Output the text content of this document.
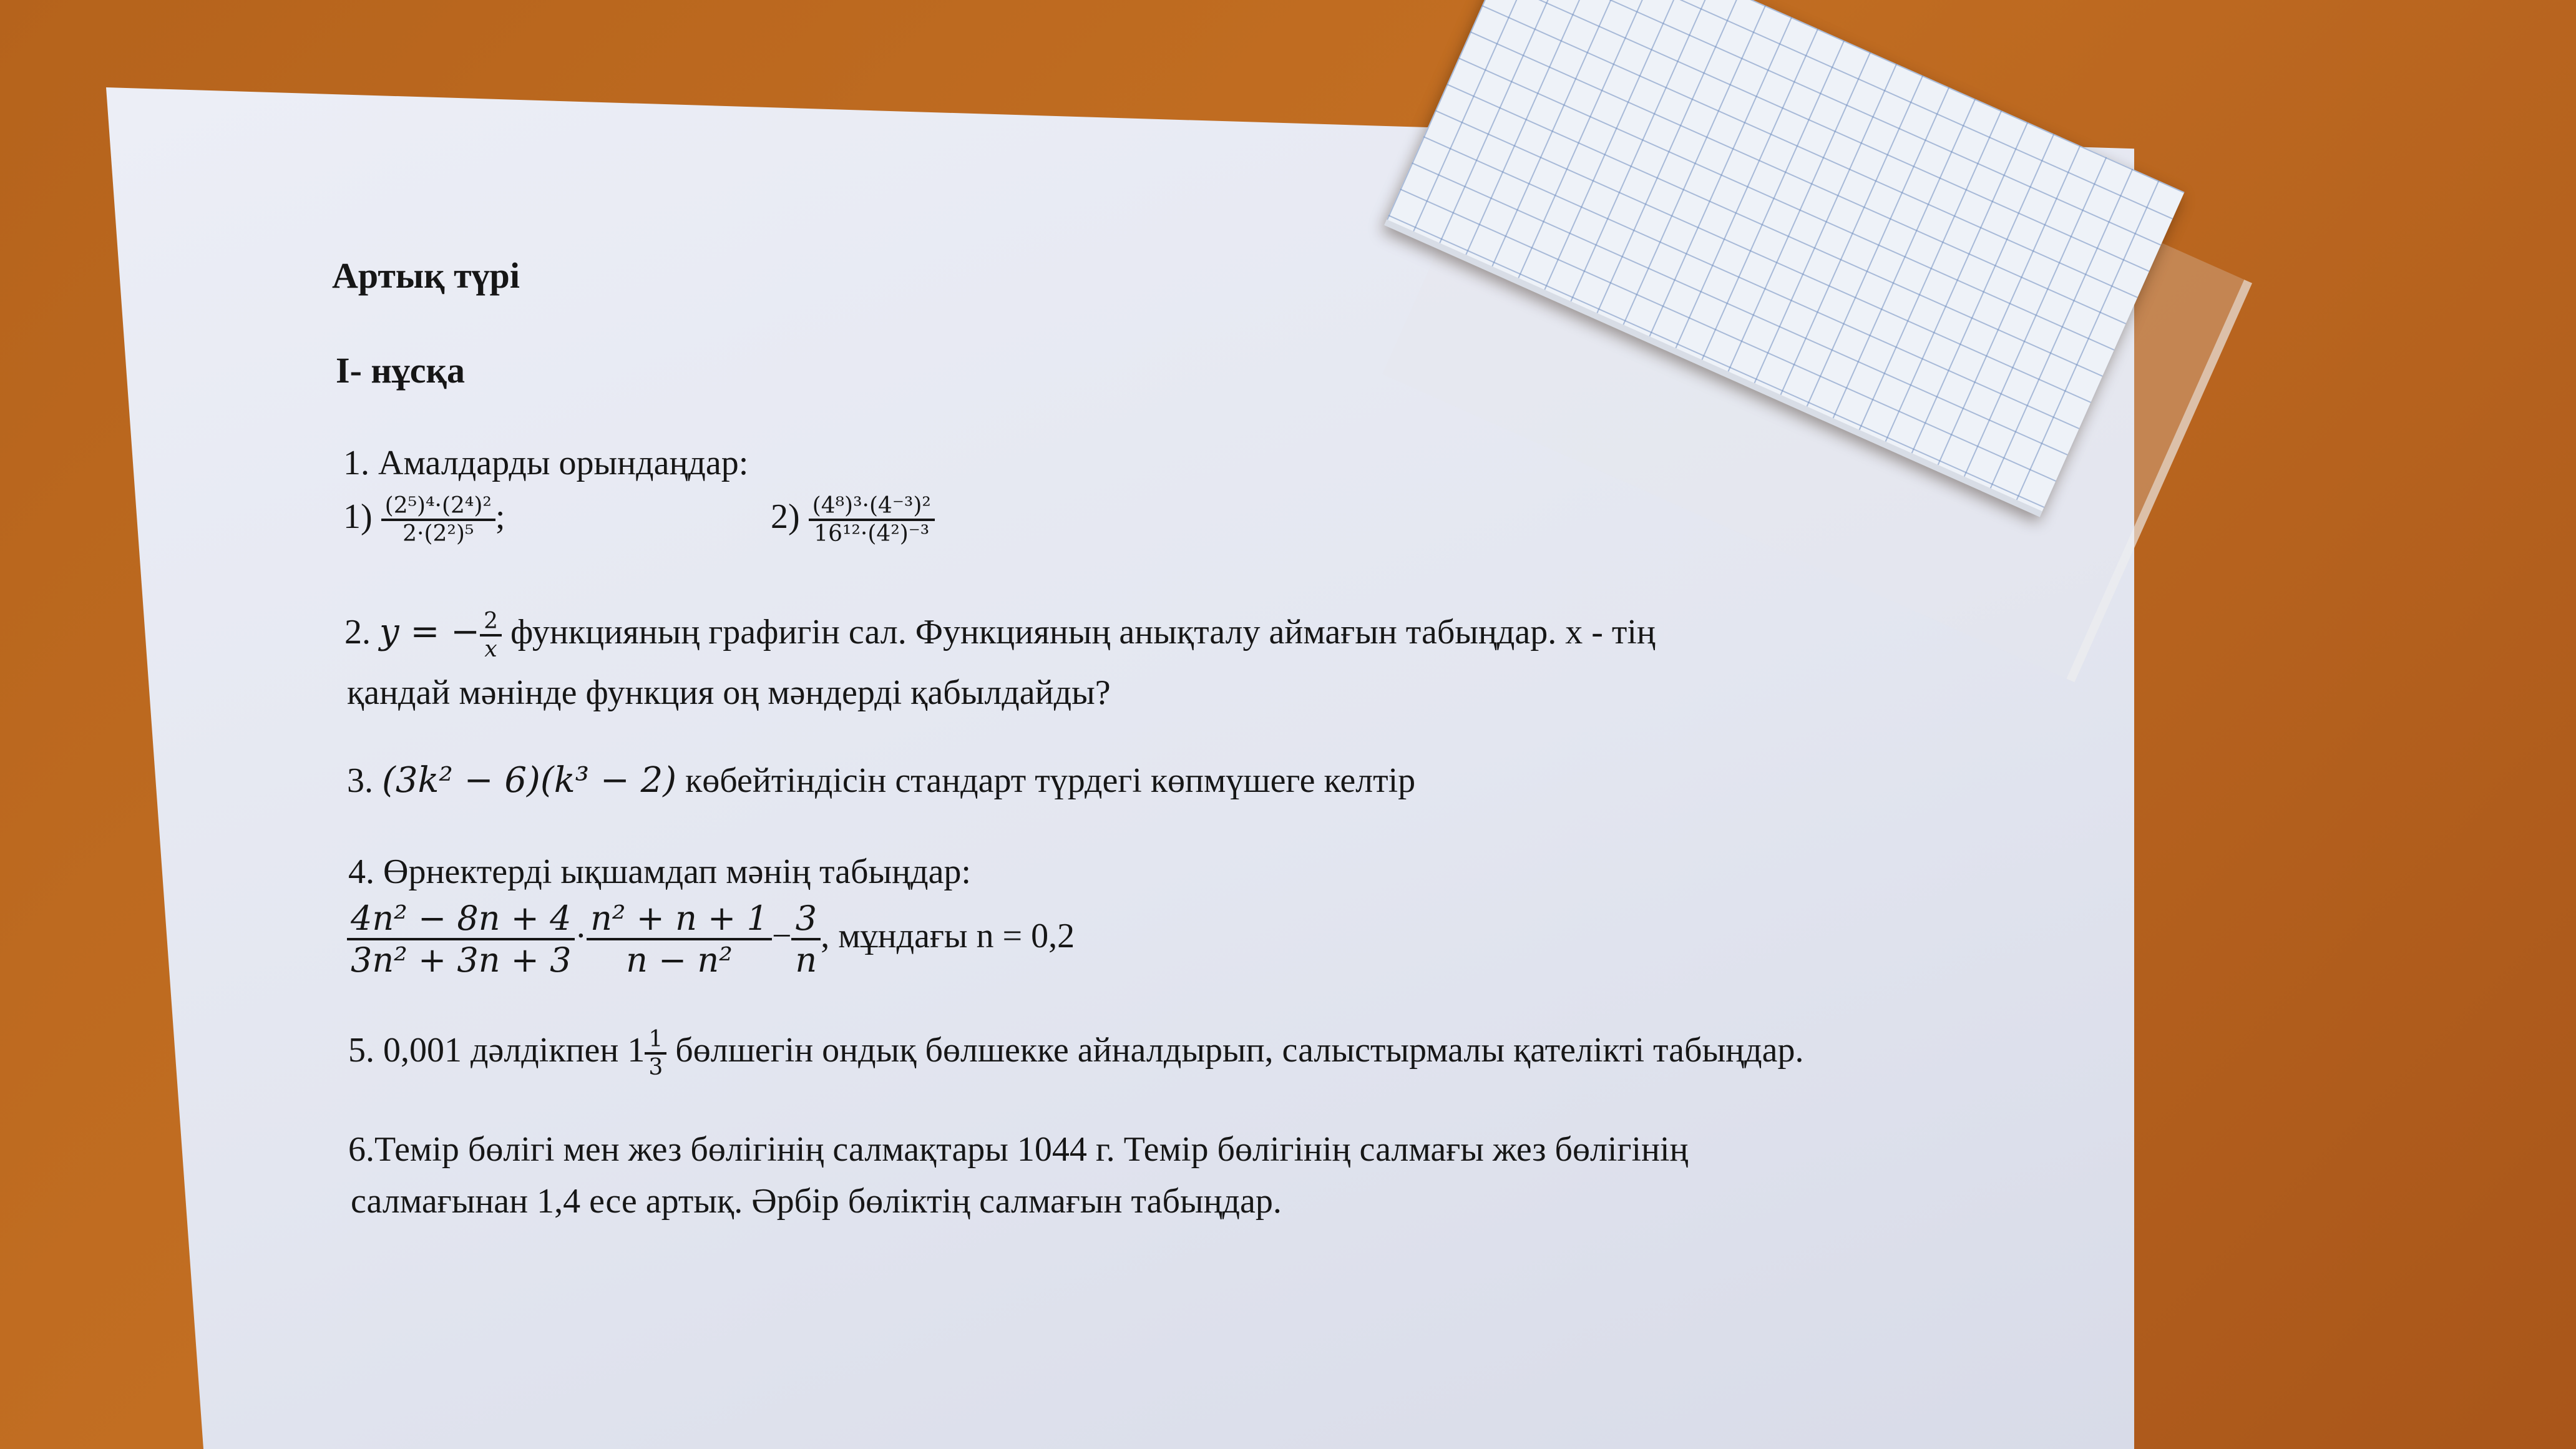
Артық түрі
І- нұсқа
1. Амалдарды орындаңдар:
$1) \frac{\text{(2⁵)⁴·(2⁴)²}}{\text{2·(2²)⁵}}$ ;	$2) \frac{\text{(4⁸)³·(4⁻³)²}}{\text{16¹²·(4²)⁻³}}$
2. y = − $\frac{2}{x}$ функцияның графигін сал. Функцияның анықталу аймағын табыңдар. x - тің
қандай мәнінде функция оң мәндерді қабылдайды?
3. (3k² − 6)(k³ − 2) көбейтіндісін стандарт түрдегі көпмүшеге келтір
4. Өрнектерді ықшамдап мәнің табыңдар:
$\frac{\text{4n² − 8n + 4}}{\text{3n² + 3n + 3}} \cdot \frac{\text{n² + n + 1}}{\text{n − n²}} - \frac{3}{n}$ , мұндағы n = 0,2
5. 0,001 дәлдікпен $1 \frac{1}{3}$ бөлшегін ондық бөлшекке айналдырып, салыстырмалы қателікті табыңдар.
6.Темір бөлігі мен жез бөлігінің салмақтары 1044 г. Темір бөлігінің салмағы жез бөлігінің
салмағынан 1,4 есе артық. Әрбір бөліктің салмағын табыңдар.
